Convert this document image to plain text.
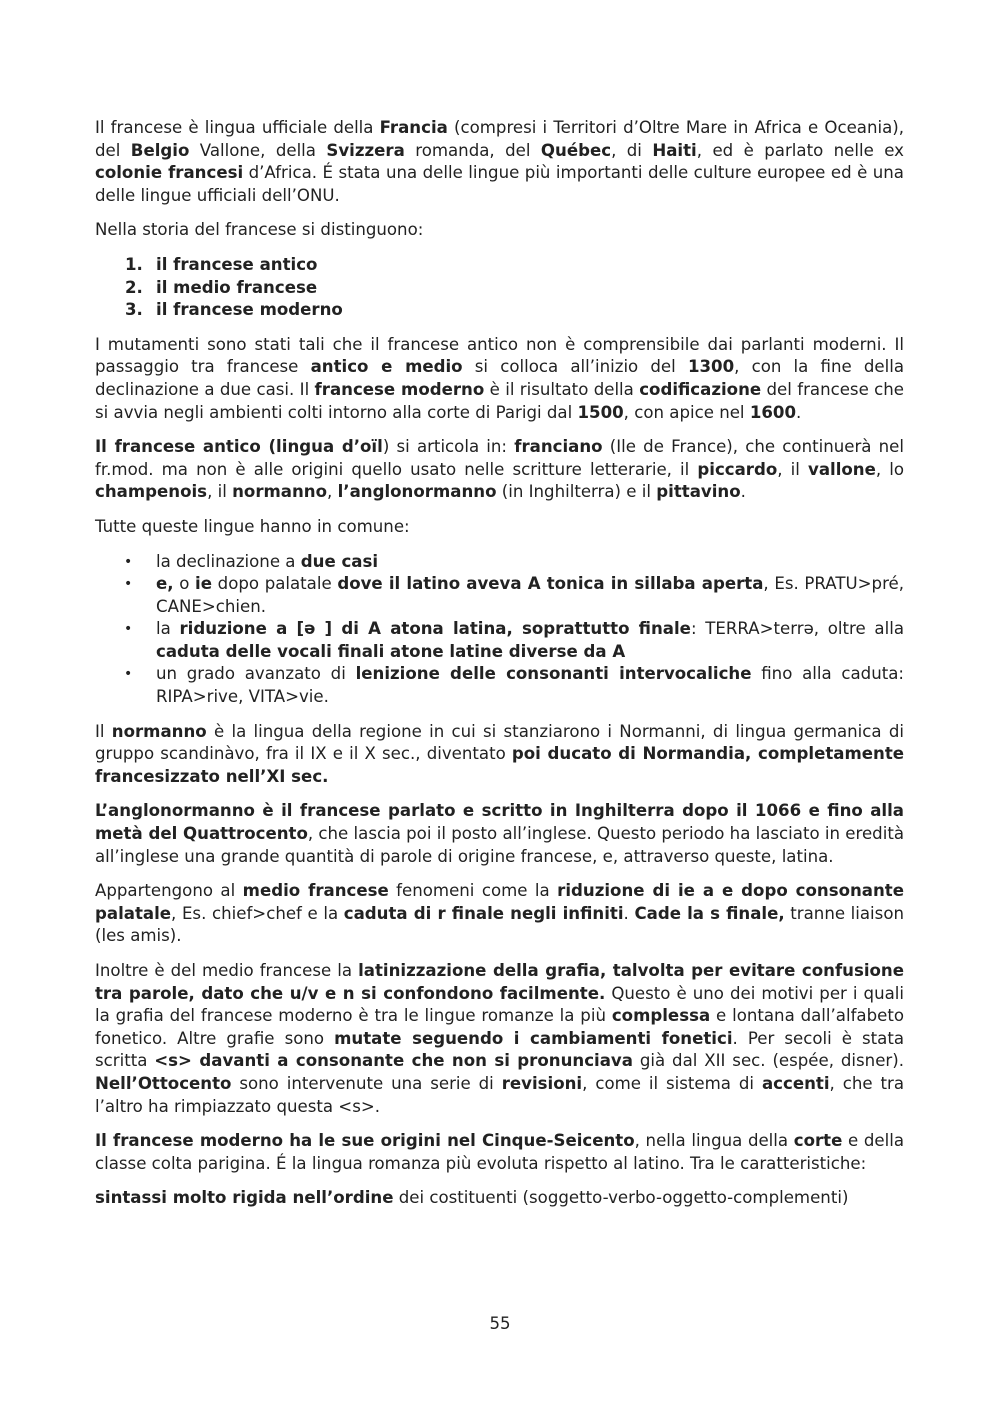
Il francese è lingua ufficiale della Francia (compresi i Territori d’Oltre Mare in Africa e Oceania), del Belgio Vallone, della Svizzera romanda, del Québec, di Haiti, ed è parlato nelle ex colonie francesi d’Africa. É stata una delle lingue più importanti delle culture europee ed è una delle lingue ufficiali dell’ONU.

Nella storia del francese si distinguono:

1. il francese antico
2. il medio francese
3. il francese moderno

I mutamenti sono stati tali che il francese antico non è comprensibile dai parlanti moderni. Il passaggio tra francese antico e medio si colloca all’inizio del 1300, con la fine della declinazione a due casi. Il francese moderno è il risultato della codificazione del francese che si avvia negli ambienti colti intorno alla corte di Parigi dal 1500, con apice nel 1600.

Il francese antico (lingua d’oïl) si articola in: franciano (Ile de France), che continuerà nel fr.mod. ma non è alle origini quello usato nelle scritture letterarie, il piccardo, il vallone, lo champenois, il normanno, l’anglonormanno (in Inghilterra) e il pittavino.

Tutte queste lingue hanno in comune:

• la declinazione a due casi
• e, o ie dopo palatale dove il latino aveva A tonica in sillaba aperta, Es. PRATU>pré, CANE>chien.
• la riduzione a [ə ] di A atona latina, soprattutto finale: TERRA>terrə, oltre alla caduta delle vocali finali atone latine diverse da A
• un grado avanzato di lenizione delle consonanti intervocaliche fino alla caduta: RIPA>rive, VITA>vie.

Il normanno è la lingua della regione in cui si stanziarono i Normanni, di lingua germanica di gruppo scandinàvo, fra il IX e il X sec., diventato poi ducato di Normandia, completamente francesizzato nell’XI sec.

L’anglonormanno è il francese parlato e scritto in Inghilterra dopo il 1066 e fino alla metà del Quattrocento, che lascia poi il posto all’inglese. Questo periodo ha lasciato in eredità all’inglese una grande quantità di parole di origine francese, e, attraverso queste, latina.

Appartengono al medio francese fenomeni come la riduzione di ie a e dopo consonante palatale, Es. chief>chef e la caduta di r finale negli infiniti. Cade la s finale, tranne liaison (les amis).

Inoltre è del medio francese la latinizzazione della grafia, talvolta per evitare confusione tra parole, dato che u/v e n si confondono facilmente. Questo è uno dei motivi per i quali la grafia del francese moderno è tra le lingue romanze la più complessa e lontana dall’alfabeto fonetico. Altre grafie sono mutate seguendo i cambiamenti fonetici. Per secoli è stata scritta <s> davanti a consonante che non si pronunciava già dal XII sec. (espée, disner). Nell’Ottocento sono intervenute una serie di revisioni, come il sistema di accenti, che tra l’altro ha rimpiazzato questa <s>.

Il francese moderno ha le sue origini nel Cinque-Seicento, nella lingua della corte e della classe colta parigina. É la lingua romanza più evoluta rispetto al latino. Tra le caratteristiche:

sintassi molto rigida nell’ordine dei costituenti (soggetto-verbo-oggetto-complementi)

55
